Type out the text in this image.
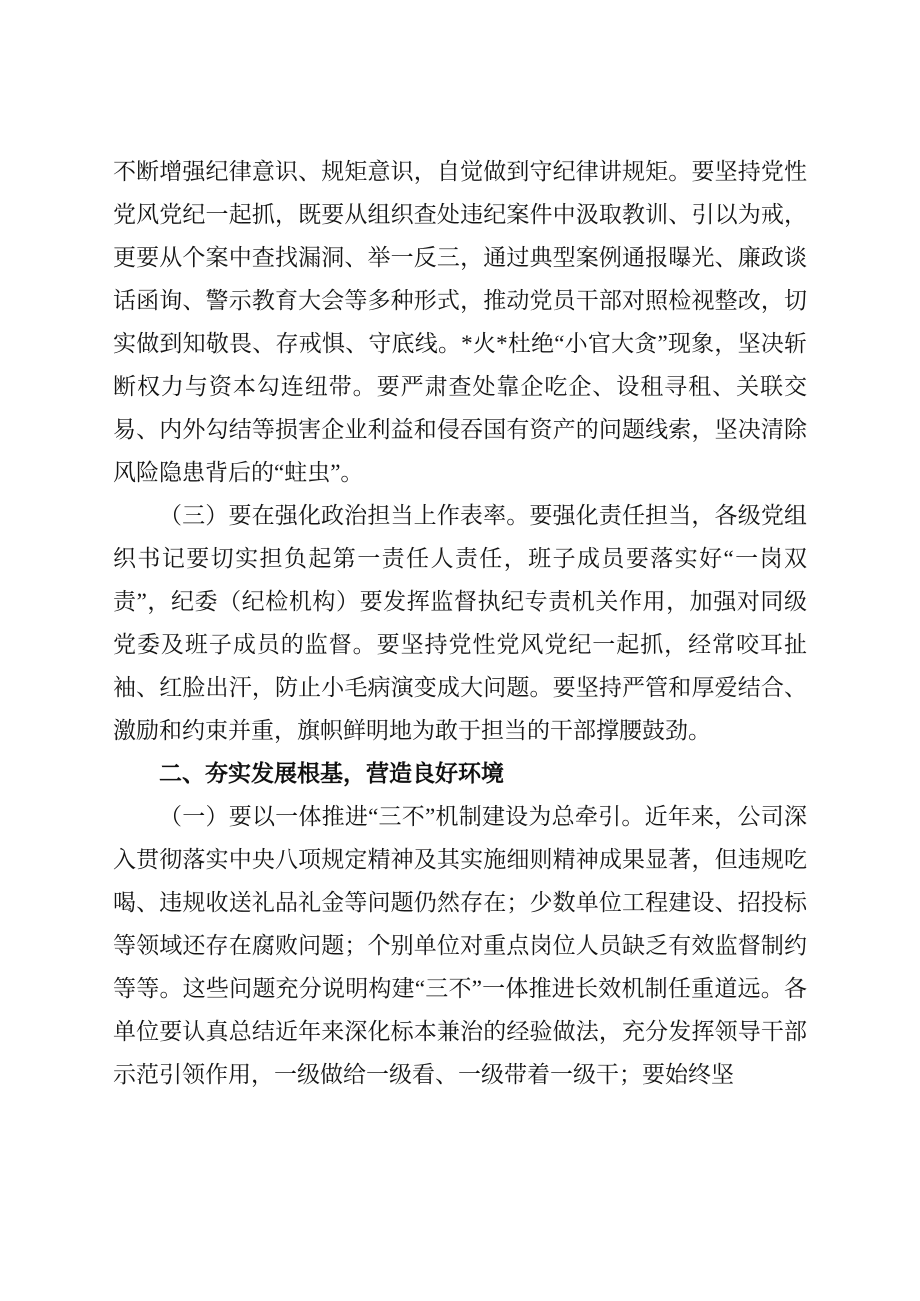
不断增强纪律意识、规矩意识，自觉做到守纪律讲规矩。要坚持党性党风党纪一起抓，既要从组织查处违纪案件中汲取教训、引以为戒，更要从个案中查找漏洞、举一反三，通过典型案例通报曝光、廉政谈话函询、警示教育大会等多种形式，推动党员干部对照检视整改，切实做到知敬畏、存戒惧、守底线。*火*杜绝“小官大贪”现象，坚决斩断权力与资本勾连纽带。要严肃查处靠企吃企、设租寻租、关联交易、内外勾结等损害企业利益和侵吞国有资产的问题线索，坚决清除风险隐患背后的“蛀虫”。

（三）要在强化政治担当上作表率。要强化责任担当，各级党组织书记要切实担负起第一责任人责任，班子成员要落实好“一岗双责”，纪委（纪检机构）要发挥监督执纪专责机关作用，加强对同级党委及班子成员的监督。要坚持党性党风党纪一起抓，经常咬耳扯袖、红脸出汗，防止小毛病演变成大问题。要坚持严管和厚爱结合、激励和约束并重，旗帜鲜明地为敢于担当的干部撑腰鼓劲。

二、夯实发展根基，营造良好环境

（一）要以一体推进“三不”机制建设为总牵引。近年来，公司深入贯彻落实中央八项规定精神及其实施细则精神成果显著，但违规吃喝、违规收送礼品礼金等问题仍然存在；少数单位工程建设、招投标等领域还存在腐败问题；个别单位对重点岗位人员缺乏有效监督制约等等。这些问题充分说明构建“三不”一体推进长效机制任重道远。各单位要认真总结近年来深化标本兼治的经验做法，充分发挥领导干部示范引领作用，一级做给一级看、一级带着一级干；要始终坚
